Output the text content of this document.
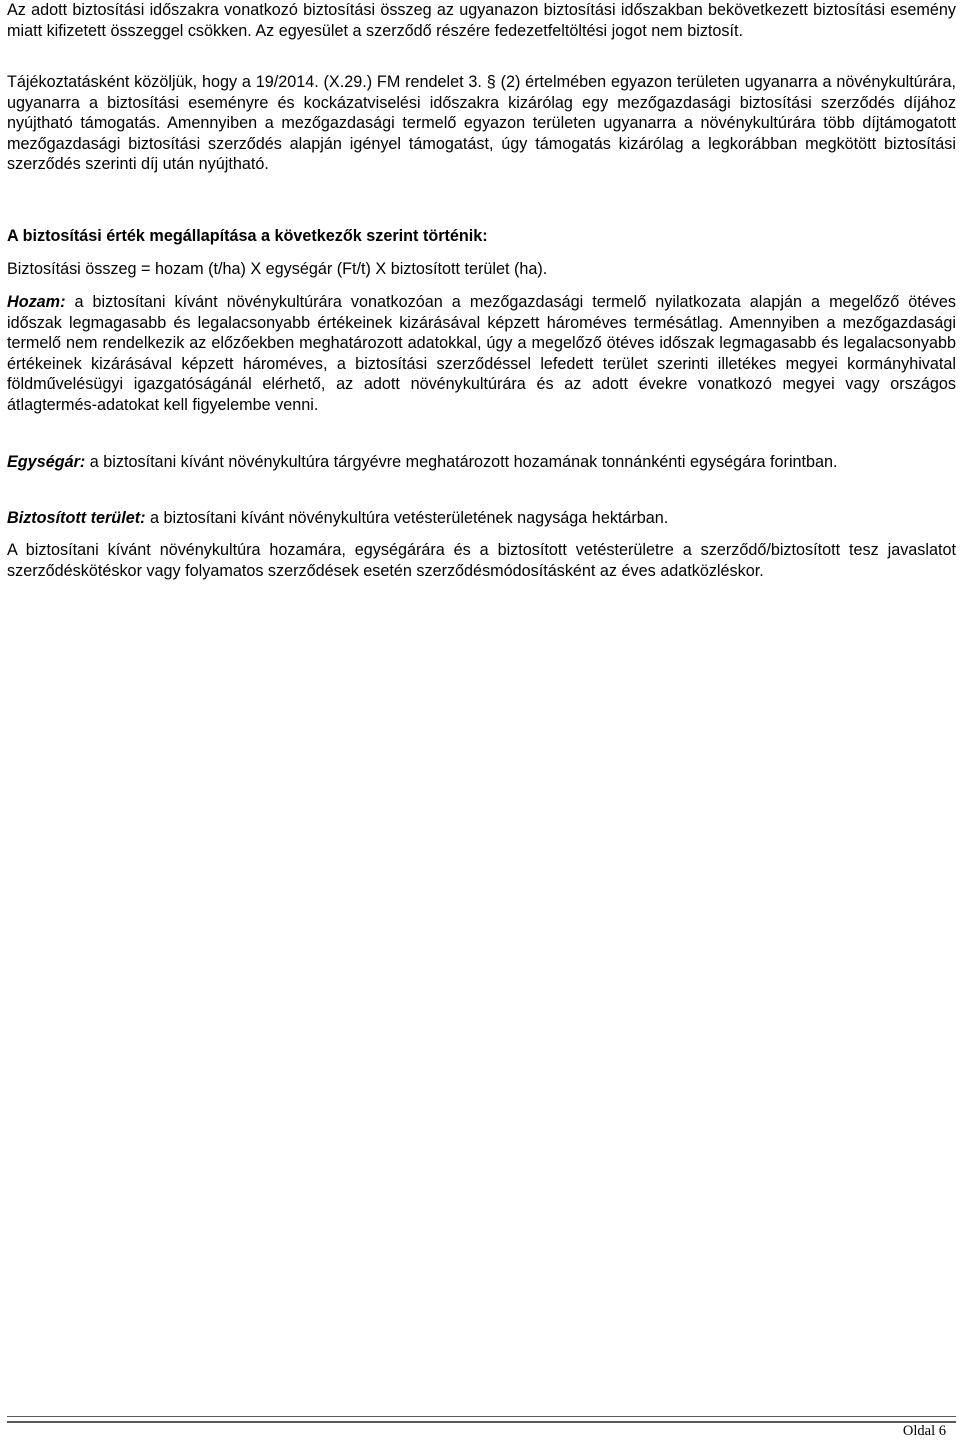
Az adott biztosítási időszakra vonatkozó biztosítási összeg az ugyanazon biztosítási időszakban bekövetkezett biztosítási esemény miatt kifizetett összeggel csökken. Az egyesület a szerződő részére fedezetfeltöltési jogot nem biztosít.

Tájékoztatásként közöljük, hogy a 19/2014. (X.29.) FM rendelet 3. § (2) értelmében egyazon területen ugyanarra a növénykultúrára, ugyanarra a biztosítási eseményre és kockázatviselési időszakra kizárólag egy mezőgazdasági biztosítási szerződés díjához nyújtható támogatás. Amennyiben a mezőgazdasági termelő egyazon területen ugyanarra a növénykultúrára több díjtámogatott mezőgazdasági biztosítási szerződés alapján igényel támogatást, úgy támogatás kizárólag a legkorábban megkötött biztosítási szerződés szerinti díj után nyújtható.

A biztosítási érték megállapítása a következők szerint történik:

Biztosítási összeg = hozam (t/ha) X egységár (Ft/t) X biztosított terület (ha).

Hozam: a biztosítani kívánt növénykultúrára vonatkozóan a mezőgazdasági termelő nyilatkozata alapján a megelőző ötéves időszak legmagasabb és legalacsonyabb értékeinek kizárásával képzett hároméves termésátlag. Amennyiben a mezőgazdasági termelő nem rendelkezik az előzőekben meghatározott adatokkal, úgy a megelőző ötéves időszak legmagasabb és legalacsonyabb értékeinek kizárásával képzett hároméves, a biztosítási szerződéssel lefedett terület szerinti illetékes megyei kormányhivatal földművelésügyi igazgatóságánál elérhető, az adott növénykultúrára és az adott évekre vonatkozó megyei vagy országos átlagtermés-adatokat kell figyelembe venni.

Egységár: a biztosítani kívánt növénykultúra tárgyévre meghatározott hozamának tonnánkénti egységára forintban.

Biztosított terület: a biztosítani kívánt növénykultúra vetésterületének nagysága hektárban.

A biztosítani kívánt növénykultúra hozamára, egységárára és a biztosított vetésterületre a szerződő/biztosított tesz javaslatot szerződéskötéskor vagy folyamatos szerződések esetén szerződésmódosításként az éves adatközléskor.

Oldal 6
